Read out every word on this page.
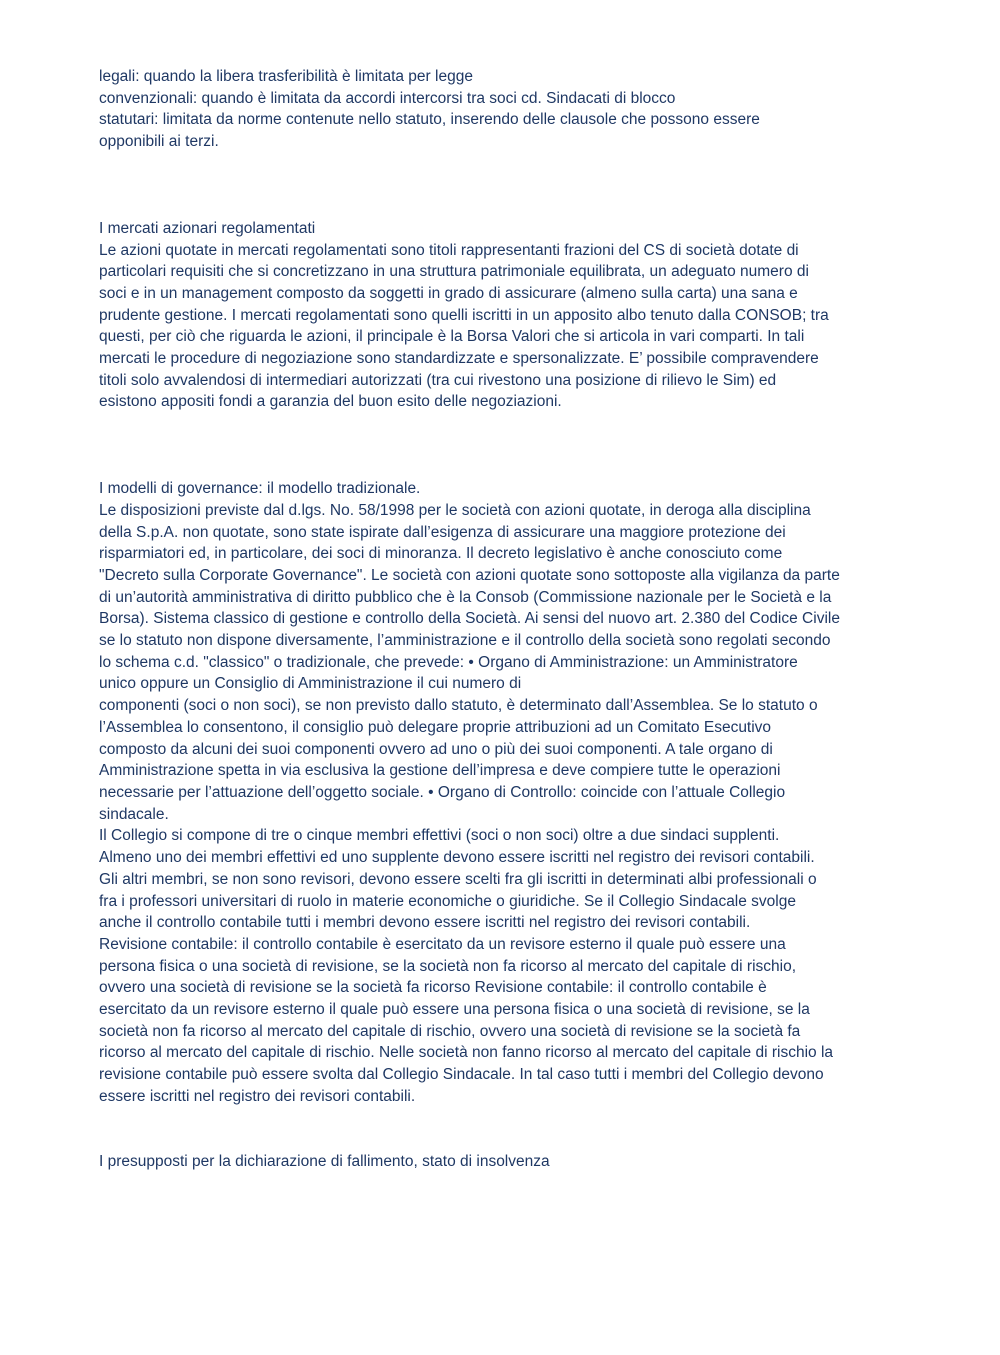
legali: quando la libera trasferibilità è limitata per legge
convenzionali: quando è limitata da accordi intercorsi tra soci cd. Sindacati di blocco
statutari: limitata da norme contenute nello statuto, inserendo delle clausole che possono essere
opponibili ai terzi.
I mercati azionari regolamentati
Le azioni quotate in mercati regolamentati sono titoli rappresentanti frazioni del CS di società dotate di
particolari requisiti che si concretizzano in una struttura patrimoniale equilibrata, un adeguato numero di
soci e in un management composto da soggetti in grado di assicurare (almeno sulla carta) una sana e
prudente gestione. I mercati regolamentati sono quelli iscritti in un apposito albo tenuto dalla CONSOB; tra
questi, per ciò che riguarda le azioni, il principale è la Borsa Valori che si articola in vari comparti. In tali
mercati le procedure di negoziazione sono standardizzate e spersonalizzate. E’ possibile compravendere
titoli solo avvalendosi di intermediari autorizzati (tra cui rivestono una posizione di rilievo le Sim) ed
esistono appositi fondi a garanzia del buon esito delle negoziazioni.
I modelli di governance: il modello tradizionale.
Le disposizioni previste dal d.lgs. No. 58/1998 per le società con azioni quotate, in deroga alla disciplina
della S.p.A. non quotate, sono state ispirate dall’esigenza di assicurare una maggiore protezione dei
risparmiatori ed, in particolare, dei soci di minoranza. Il decreto legislativo è anche conosciuto come
"Decreto sulla Corporate Governance". Le società con azioni quotate sono sottoposte alla vigilanza da parte
di un’autorità amministrativa di diritto pubblico che è la Consob (Commissione nazionale per le Società e la
Borsa). Sistema classico di gestione e controllo della Società. Ai sensi del nuovo art. 2.380 del Codice Civile
se lo statuto non dispone diversamente, l’amministrazione e il controllo della società sono regolati secondo
lo schema c.d. "classico" o tradizionale, che prevede: • Organo di Amministrazione: un Amministratore
unico oppure un Consiglio di Amministrazione il cui numero di
componenti (soci o non soci), se non previsto dallo statuto, è determinato dall’Assemblea. Se lo statuto o
l’Assemblea lo consentono, il consiglio può delegare proprie attribuzioni ad un Comitato Esecutivo
composto da alcuni dei suoi componenti ovvero ad uno o più dei suoi componenti. A tale organo di
Amministrazione spetta in via esclusiva la gestione dell’impresa e deve compiere tutte le operazioni
necessarie per l’attuazione dell’oggetto sociale. • Organo di Controllo: coincide con l’attuale Collegio
sindacale.
Il Collegio si compone di tre o cinque membri effettivi (soci o non soci) oltre a due sindaci supplenti.
Almeno uno dei membri effettivi ed uno supplente devono essere iscritti nel registro dei revisori contabili.
Gli altri membri, se non sono revisori, devono essere scelti fra gli iscritti in determinati albi professionali o
fra i professori universitari di ruolo in materie economiche o giuridiche. Se il Collegio Sindacale svolge
anche il controllo contabile tutti i membri devono essere iscritti nel registro dei revisori contabili.
Revisione contabile: il controllo contabile è esercitato da un revisore esterno il quale può essere una
persona fisica o una società di revisione, se la società non fa ricorso al mercato del capitale di rischio,
ovvero una società di revisione se la società fa ricorso Revisione contabile: il controllo contabile è
esercitato da un revisore esterno il quale può essere una persona fisica o una società di revisione, se la
società non fa ricorso al mercato del capitale di rischio, ovvero una società di revisione se la società fa
ricorso al mercato del capitale di rischio. Nelle società non fanno ricorso al mercato del capitale di rischio la
revisione contabile può essere svolta dal Collegio Sindacale. In tal caso tutti i membri del Collegio devono
essere iscritti nel registro dei revisori contabili.
I presupposti per la dichiarazione di fallimento, stato di insolvenza
